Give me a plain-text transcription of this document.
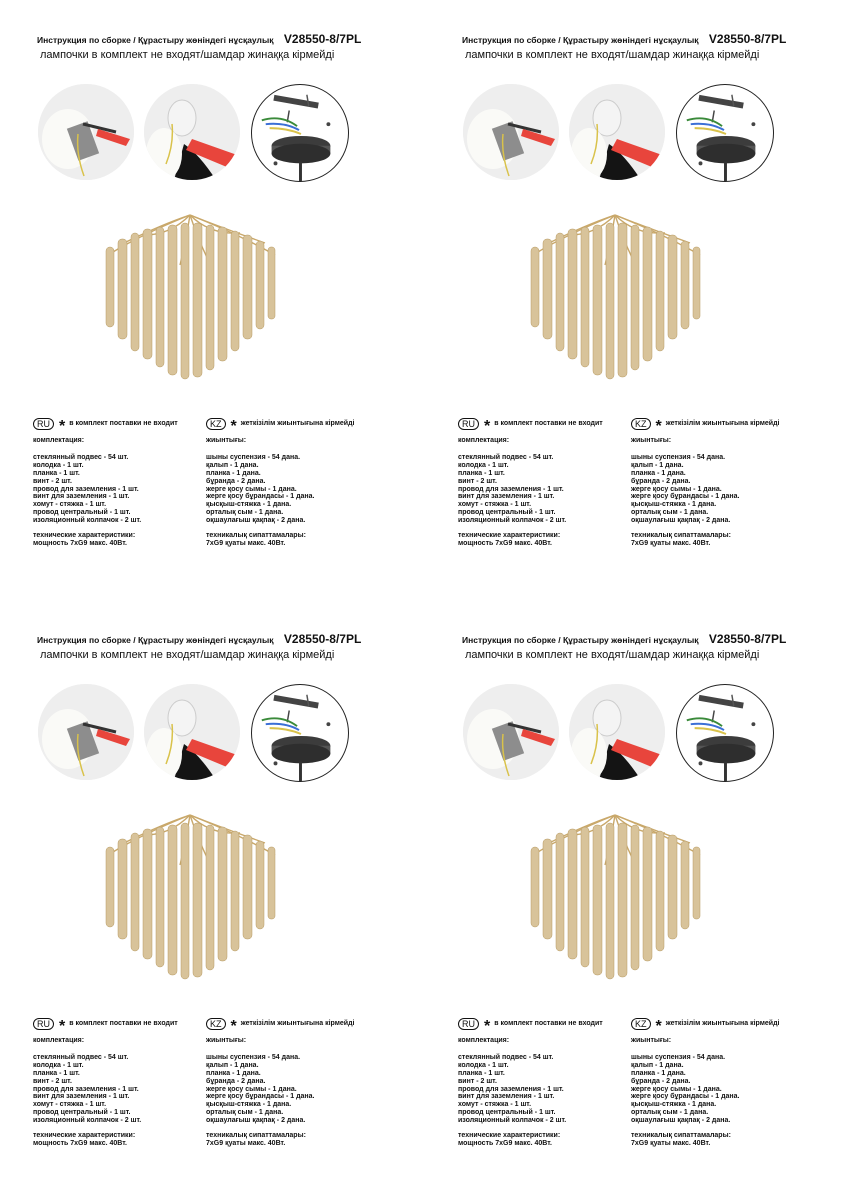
Инструкция по сборке / Құрастыру жөніндегі нұсқаулық V28550-8/7PL
лампочки в комплект не входят/шамдар жинаққа кірмейді
RU * в комплект поставки не входит
комплектация:
стеклянный подвес - 54 шт.
колодка - 1 шт.
планка - 1 шт.
винт - 2 шт.
провод для заземления - 1 шт.
винт для заземления - 1 шт.
хомут - стяжка - 1 шт.
провод центральный - 1 шт.
изоляционный колпачок - 2 шт.
технические характеристики:
мощность 7xG9 макс. 40Вт.
KZ * жеткізілім жиынтығына кірмейді
жиынтығы:
шыны суспензия - 54 дана.
қалып - 1 дана.
планка - 1 дана.
бұранда - 2 дана.
жерге қосу сымы - 1 дана.
жерге қосу бұрандасы - 1 дана.
қысқыш-стяжка - 1 дана.
орталық сым - 1 дана.
оқшаулағыш қақпақ - 2 дана.
техникалық сипаттамалары:
7xG9 қуаты макс. 40Вт.
Инструкция по сборке / Құрастыру жөніндегі нұсқаулық V28550-8/7PL
лампочки в комплект не входят/шамдар жинаққа кірмейді
RU * в комплект поставки не входит
комплектация:
стеклянный подвес - 54 шт.
колодка - 1 шт.
планка - 1 шт.
винт - 2 шт.
провод для заземления - 1 шт.
винт для заземления - 1 шт.
хомут - стяжка - 1 шт.
провод центральный - 1 шт.
изоляционный колпачок - 2 шт.
технические характеристики:
мощность 7xG9 макс. 40Вт.
KZ * жеткізілім жиынтығына кірмейді
жиынтығы:
шыны суспензия - 54 дана.
қалып - 1 дана.
планка - 1 дана.
бұранда - 2 дана.
жерге қосу сымы - 1 дана.
жерге қосу бұрандасы - 1 дана.
қысқыш-стяжка - 1 дана.
орталық сым - 1 дана.
оқшаулағыш қақпақ - 2 дана.
техникалық сипаттамалары:
7xG9 қуаты макс. 40Вт.
Инструкция по сборке / Құрастыру жөніндегі нұсқаулық V28550-8/7PL
лампочки в комплект не входят/шамдар жинаққа кірмейді
RU * в комплект поставки не входит
комплектация:
стеклянный подвес - 54 шт.
колодка - 1 шт.
планка - 1 шт.
винт - 2 шт.
провод для заземления - 1 шт.
винт для заземления - 1 шт.
хомут - стяжка - 1 шт.
провод центральный - 1 шт.
изоляционный колпачок - 2 шт.
технические характеристики:
мощность 7xG9 макс. 40Вт.
KZ * жеткізілім жиынтығына кірмейді
жиынтығы:
шыны суспензия - 54 дана.
қалып - 1 дана.
планка - 1 дана.
бұранда - 2 дана.
жерге қосу сымы - 1 дана.
жерге қосу бұрандасы - 1 дана.
қысқыш-стяжка - 1 дана.
орталық сым - 1 дана.
оқшаулағыш қақпақ - 2 дана.
техникалық сипаттамалары:
7xG9 қуаты макс. 40Вт.
Инструкция по сборке / Құрастыру жөніндегі нұсқаулық V28550-8/7PL
лампочки в комплект не входят/шамдар жинаққа кірмейді
RU * в комплект поставки не входит
комплектация:
стеклянный подвес - 54 шт.
колодка - 1 шт.
планка - 1 шт.
винт - 2 шт.
провод для заземления - 1 шт.
винт для заземления - 1 шт.
хомут - стяжка - 1 шт.
провод центральный - 1 шт.
изоляционный колпачок - 2 шт.
технические характеристики:
мощность 7xG9 макс. 40Вт.
KZ * жеткізілім жиынтығына кірмейді
жиынтығы:
шыны суспензия - 54 дана.
қалып - 1 дана.
планка - 1 дана.
бұранда - 2 дана.
жерге қосу сымы - 1 дана.
жерге қосу бұрандасы - 1 дана.
қысқыш-стяжка - 1 дана.
орталық сым - 1 дана.
оқшаулағыш қақпақ - 2 дана.
техникалық сипаттамалары:
7xG9 қуаты макс. 40Вт.
